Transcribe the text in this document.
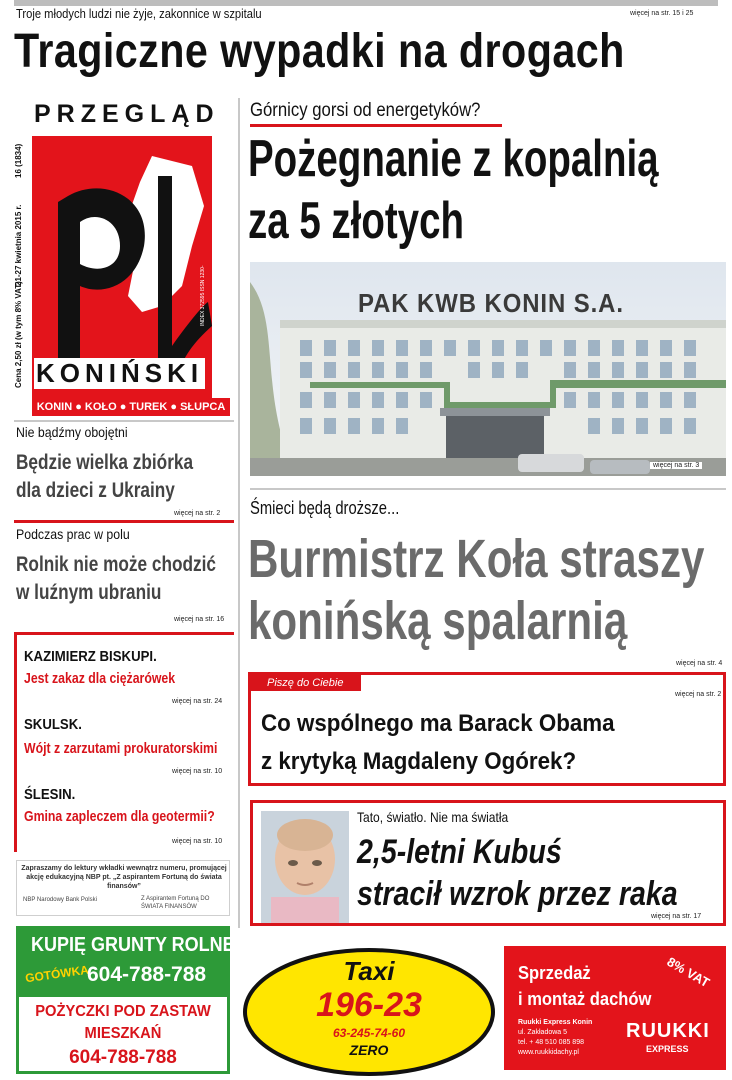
Troje młodych ludzi nie żyje, zakonnice w szpitalu	więcej na str. 15 i 25
Tragiczne wypadki na drogach
Cena 2,50 zł (w tym 8% VAT)
21-27 kwietnia 2015 r.
16 (1834)
PRZEGLĄD
INDEX 372595 ISSN 1230-
KONIŃSKI
KONIN ● KOŁO ● TUREK ● SŁUPCA
Nie bądźmy obojętni
Będzie wielka zbiórka
dla dzieci z Ukrainy
więcej na str. 2
Podczas prac w polu
Rolnik nie może chodzić
w luźnym ubraniu
więcej na str. 16
KAZIMIERZ BISKUPI.
Jest zakaz dla ciężarówek
więcej na str. 24
SKULSK.
Wójt z zarzutami prokuratorskimi
więcej na str. 10
ŚLESIN.
Gmina zapleczem dla geotermii?
więcej na str. 10
Zapraszamy do lektury wkładki wewnątrz numeru, promującej akcję edukacyjną NBP pt. „Z aspirantem Fortuną do świata finansów”
NBP Narodowy Bank Polski	Z Aspirantem Fortuną DO ŚWIATA FINANSÓW
KUPIĘ GRUNTY ROLNE
GOTÓWKA
604-788-788
POŻYCZKI POD ZASTAW
MIESZKAŃ
604-788-788
Górnicy gorsi od energetyków?
Pożegnanie z kopalnią
za 5 złotych
PAK KWB KONIN S.A.
więcej na str. 3
Śmieci będą droższe...
Burmistrz Koła straszy
konińską spalarnią
więcej na str. 4
Piszę do Ciebie
więcej na str. 2
Co wspólnego ma Barack Obama
z krytyką Magdaleny Ogórek?
Tato, światło. Nie ma światła
2,5-letni Kubuś
stracił wzrok przez raka
więcej na str. 17
Taxi
196-23
63-245-74-60
ZERO
Sprzedaż
i montaż dachów
8% VAT
Ruukki Express Konin
ul. Zakładowa 5
tel. + 48 510 085 898
www.ruukkidachy.pl
RUUKKI
EXPRESS
